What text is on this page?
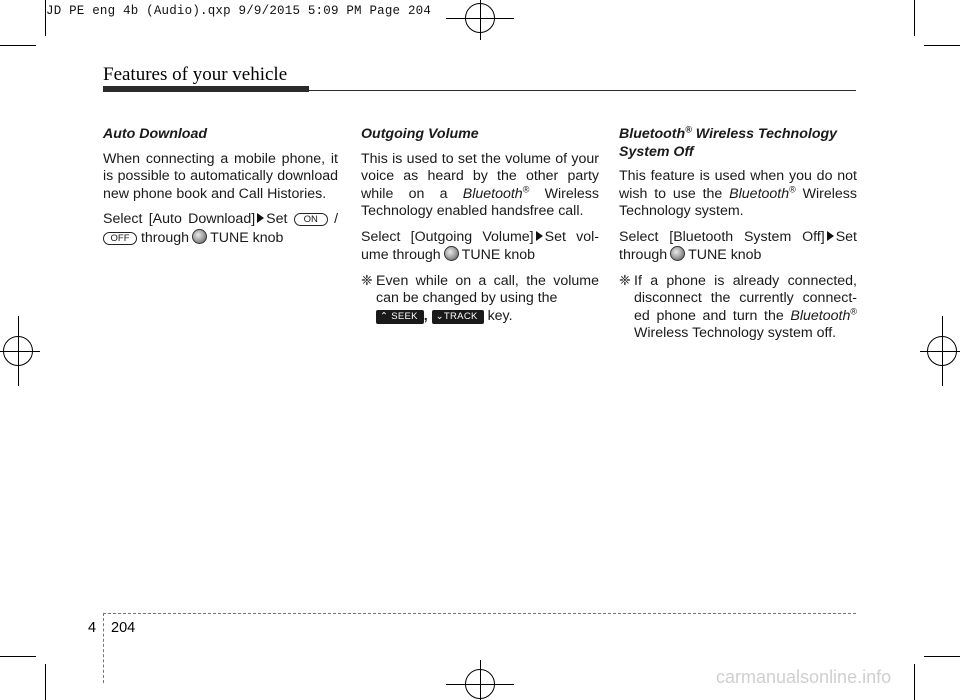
JD PE eng 4b (Audio).qxp 9/9/2015 5:09 PM Page 204
Features of your vehicle
Auto Download

When connecting a mobile phone, it is possible to automatically download new phone book and Call Histories.

Select [Auto Download] Set ON / OFF through TUNE knob

Outgoing Volume

This is used to set the volume of your voice as heard by the other party while on a Bluetooth® Wireless Technology enabled handsfree call.

Select [Outgoing Volume] Set vol-ume through TUNE knob

❈ Even while on a call, the volume can be changed by using the
⌃ SEEK , ⌄TRACK key.

Bluetooth® Wireless Technology System Off

This feature is used when you do not wish to use the Bluetooth® Wireless Technology system.

Select [Bluetooth System Off] Set through TUNE knob

❈ If a phone is already connected, disconnect the currently connect-ed phone and turn the Bluetooth® Wireless Technology system off.

4 204
carmanualsonline.info
